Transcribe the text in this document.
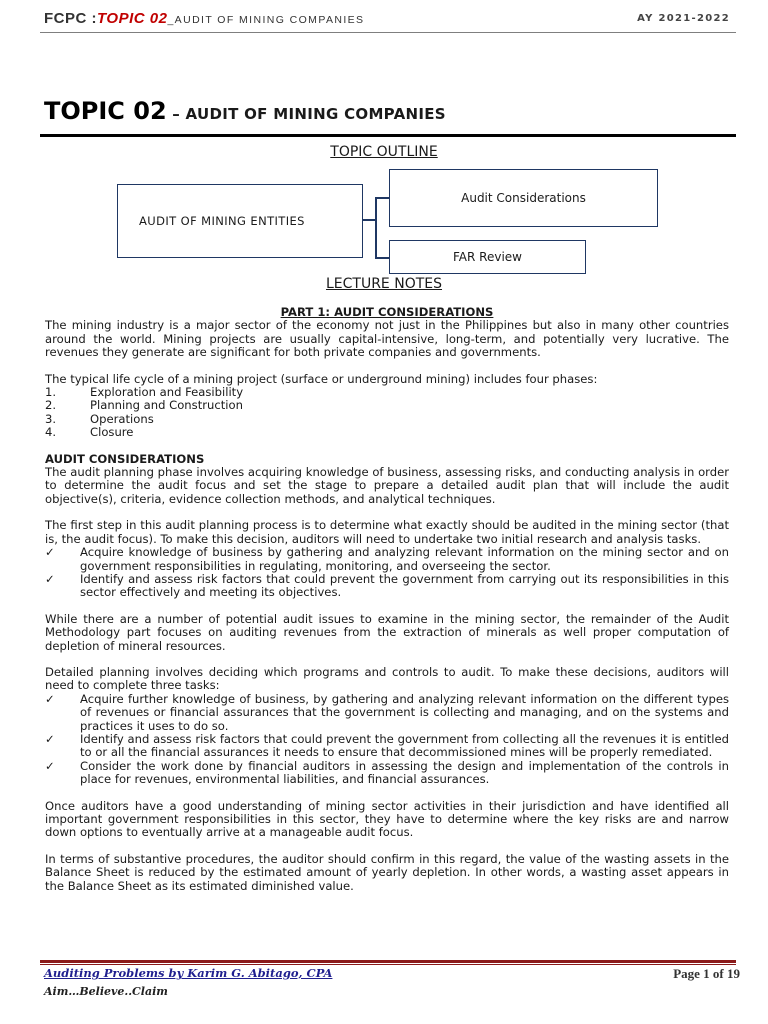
FCPC :TOPIC 02_AUDIT OF MINING COMPANIES	AY 2021-2022
TOPIC 02 – AUDIT OF MINING COMPANIES
TOPIC OUTLINE
AUDIT OF MINING ENTITIES
Audit Considerations
FAR Review
LECTURE NOTES
PART 1: AUDIT CONSIDERATIONS
The mining industry is a major sector of the economy not just in the Philippines but also in many other countries around the world. Mining projects are usually capital-intensive, long-term, and potentially very lucrative. The revenues they generate are significant for both private companies and governments.
The typical life cycle of a mining project (surface or underground mining) includes four phases:
1.	Exploration and Feasibility
2.	Planning and Construction
3.	Operations
4.	Closure
AUDIT CONSIDERATIONS
The audit planning phase involves acquiring knowledge of business, assessing risks, and conducting analysis in order to determine the audit focus and set the stage to prepare a detailed audit plan that will include the audit objective(s), criteria, evidence collection methods, and analytical techniques.
The first step in this audit planning process is to determine what exactly should be audited in the mining sector (that is, the audit focus). To make this decision, auditors will need to undertake two initial research and analysis tasks.
✓	Acquire knowledge of business by gathering and analyzing relevant information on the mining sector and on government responsibilities in regulating, monitoring, and overseeing the sector.
✓	Identify and assess risk factors that could prevent the government from carrying out its responsibilities in this sector effectively and meeting its objectives.
While there are a number of potential audit issues to examine in the mining sector, the remainder of the Audit Methodology part focuses on auditing revenues from the extraction of minerals as well proper computation of depletion of mineral resources.
Detailed planning involves deciding which programs and controls to audit. To make these decisions, auditors will need to complete three tasks:
✓	Acquire further knowledge of business, by gathering and analyzing relevant information on the different types of revenues or financial assurances that the government is collecting and managing, and on the systems and practices it uses to do so.
✓	Identify and assess risk factors that could prevent the government from collecting all the revenues it is entitled to or all the financial assurances it needs to ensure that decommissioned mines will be properly remediated.
✓	Consider the work done by financial auditors in assessing the design and implementation of the controls in place for revenues, environmental liabilities, and financial assurances.
Once auditors have a good understanding of mining sector activities in their jurisdiction and have identified all important government responsibilities in this sector, they have to determine where the key risks are and narrow down options to eventually arrive at a manageable audit focus.
In terms of substantive procedures, the auditor should confirm in this regard, the value of the wasting assets in the Balance Sheet is reduced by the estimated amount of yearly depletion. In other words, a wasting asset appears in the Balance Sheet as its estimated diminished value.
Auditing Problems by Karim G. Abitago, CPA
Aim…Believe..Claim
Page 1 of 19
